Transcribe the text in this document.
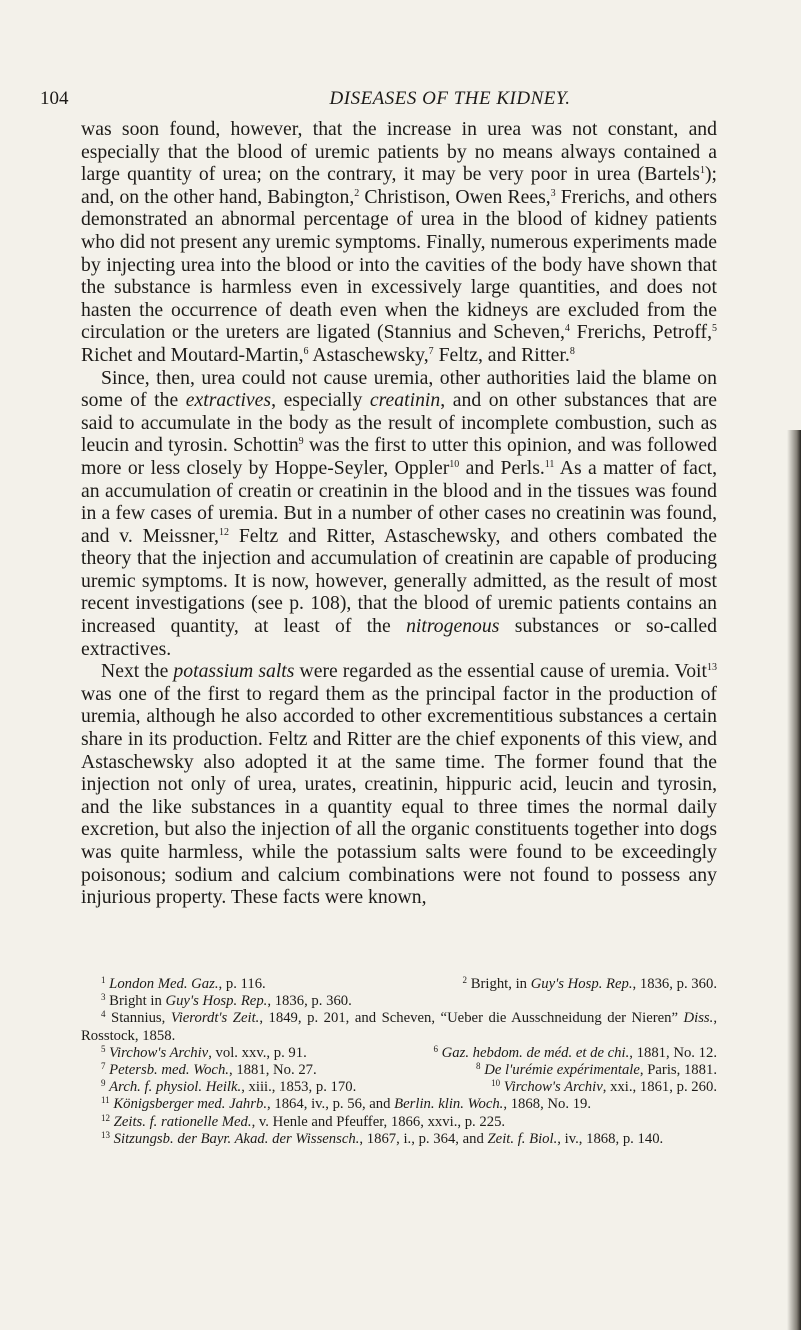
104	DISEASES OF THE KIDNEY.

was soon found, however, that the increase in urea was not constant, and especially that the blood of uremic patients by no means always contained a large quantity of urea; on the contrary, it may be very poor in urea (Bartels$^1$); and, on the other hand, Babington,$^2$ Christison, Owen Rees,$^3$ Frerichs, and others demonstrated an abnormal percentage of urea in the blood of kidney patients who did not present any uremic symptoms. Finally, numerous experiments made by injecting urea into the blood or into the cavities of the body have shown that the substance is harmless even in excessively large quantities, and does not hasten the occurrence of death even when the kidneys are excluded from the circulation or the ureters are ligated (Stannius and Scheven,$^4$ Frerichs, Petroff,$^5$ Richet and Moutard-Martin,$^6$ Astaschewsky,$^7$ Feltz, and Ritter.$^8$

Since, then, urea could not cause uremia, other authorities laid the blame on some of the extractives, especially creatinin, and on other substances that are said to accumulate in the body as the result of incomplete combustion, such as leucin and tyrosin. Schottin$^9$ was the first to utter this opinion, and was followed more or less closely by Hoppe-Seyler, Oppler$^{10}$ and Perls.$^{11}$ As a matter of fact, an accumulation of creatin or creatinin in the blood and in the tissues was found in a few cases of uremia. But in a number of other cases no creatinin was found, and v. Meissner,$^{12}$ Feltz and Ritter, Astaschewsky, and others combated the theory that the injection and accumulation of creatinin are capable of producing uremic symptoms. It is now, however, generally admitted, as the result of most recent investigations (see p. 108), that the blood of uremic patients contains an increased quantity, at least of the nitrogenous substances or so-called extractives.

Next the potassium salts were regarded as the essential cause of uremia. Voit$^{13}$ was one of the first to regard them as the principal factor in the production of uremia, although he also accorded to other excrementitious substances a certain share in its production. Feltz and Ritter are the chief exponents of this view, and Astaschewsky also adopted it at the same time. The former found that the injection not only of urea, urates, creatinin, hippuric acid, leucin and tyrosin, and the like substances in a quantity equal to three times the normal daily excretion, but also the injection of all the organic constituents together into dogs was quite harmless, while the potassium salts were found to be exceedingly poisonous; sodium and calcium combinations were not found to possess any injurious property. These facts were known,

$^1$ London Med. Gaz., p. 116.	$^2$ Bright, in Guy's Hosp. Rep., 1836, p. 360.
$^3$ Bright in Guy's Hosp. Rep., 1836, p. 360.
$^4$ Stannius, Vierordt's Zeit., 1849, p. 201, and Scheven, “Ueber die Ausschneidung der Nieren” Diss., Rosstock, 1858.
$^5$ Virchow's Archiv, vol. xxv., p. 91.	$^6$ Gaz. hebdom. de méd. et de chi., 1881, No. 12.
$^7$ Petersb. med. Woch., 1881, No. 27.	$^8$ De l'urémie expérimentale, Paris, 1881.
$^9$ Arch. f. physiol. Heilk., xiii., 1853, p. 170.	$^{10}$ Virchow's Archiv, xxi., 1861, p. 260.
$^{11}$ Königsberger med. Jahrb., 1864, iv., p. 56, and Berlin. klin. Woch., 1868, No. 19.
$^{12}$ Zeits. f. rationelle Med., v. Henle and Pfeuffer, 1866, xxvi., p. 225.
$^{13}$ Sitzungsb. der Bayr. Akad. der Wissensch., 1867, i., p. 364, and Zeit. f. Biol., iv., 1868, p. 140.
